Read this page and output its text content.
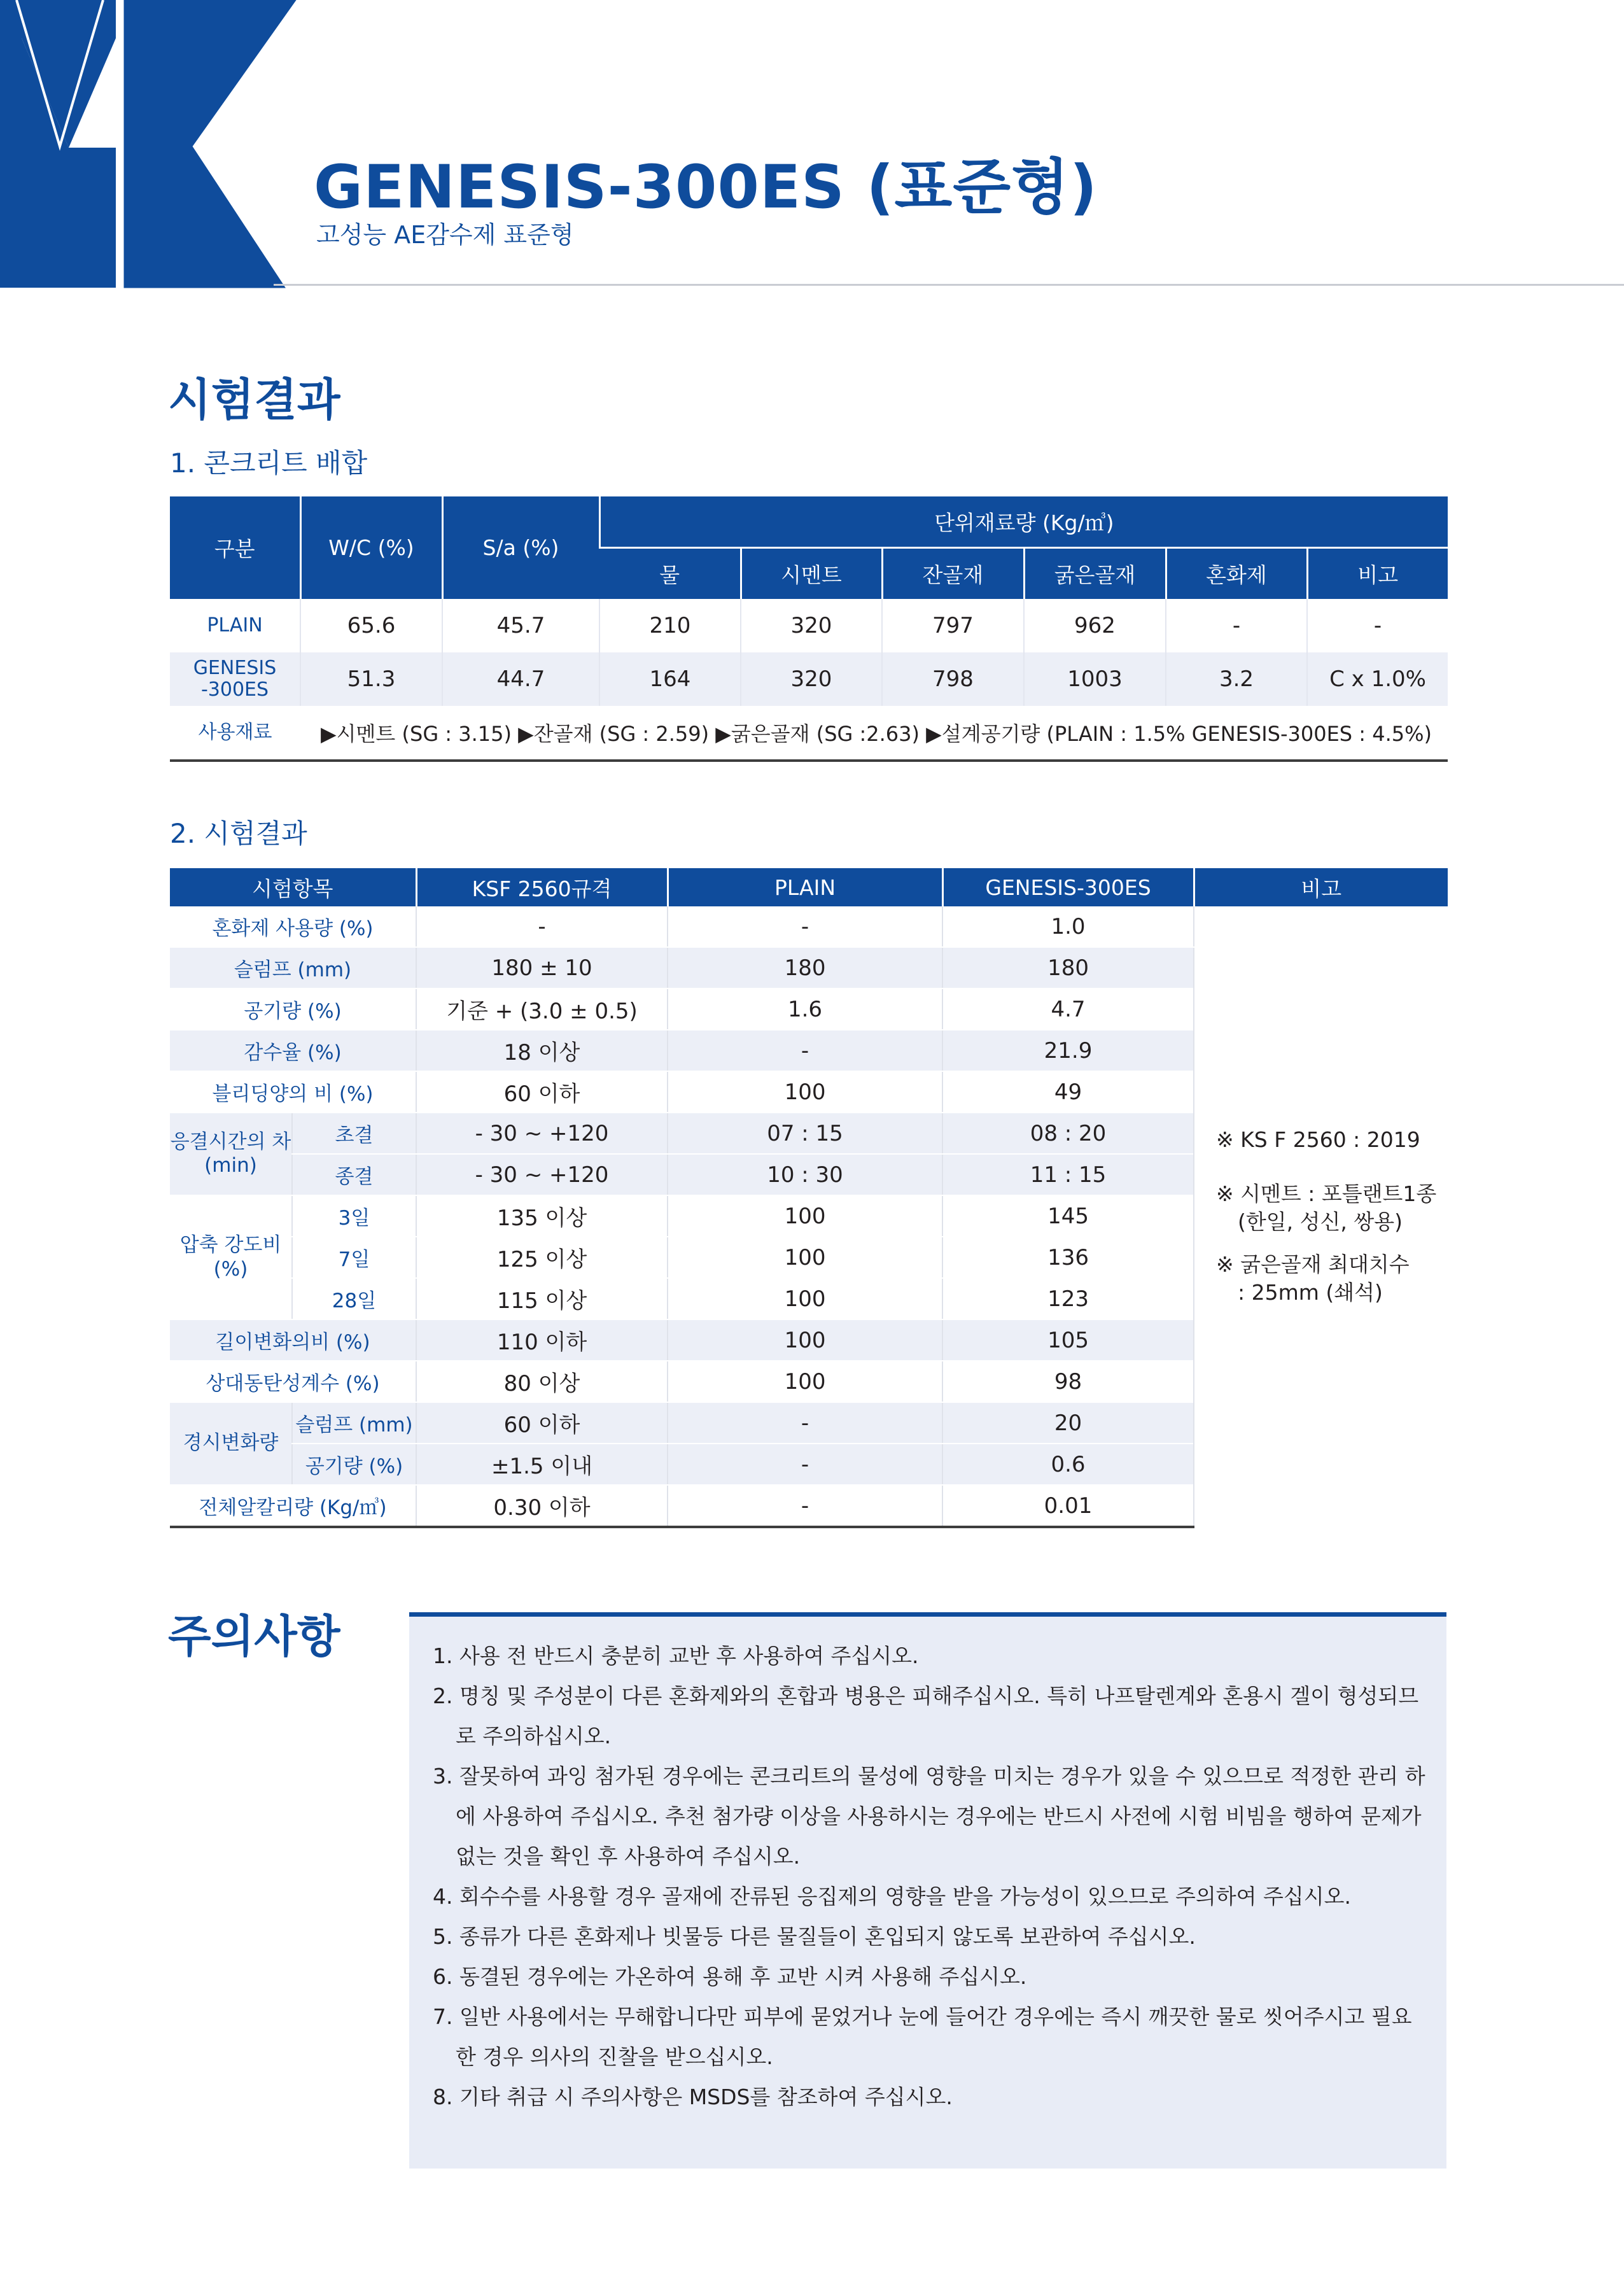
GENESIS-300ES (표준형)
고성능 AE감수제 표준형
시험결과
1. 콘크리트 배합
구분	W/C (%)	S/a (%)	단위재료량 (Kg/㎥)					
			물	시멘트	잔골재	굵은골재	혼화제	비고
PLAIN	65.6	45.7	210	320	797	962	-	-
GENESIS -300ES	51.3	44.7	164	320	798	1003	3.2	C x 1.0%
사용재료	▶시멘트 (SG : 3.15) ▶잔골재 (SG : 2.59) ▶굵은골재 (SG :2.63) ▶설계공기량 (PLAIN : 1.5% GENESIS-300ES : 4.5%)							
2. 시험결과
시험항목		KSF 2560규격	PLAIN	GENESIS-300ES	비고
혼화제 사용량 (%)		-	-	1.0	※ KS F 2560 : 2019
※ 시멘트 : 포틀랜트1종
(한일, 성신, 쌍용)
※ 굵은골재 최대치수
: 25mm (쇄석)

슬럼프 (mm)		180 ± 10	180	180	
공기량 (%)		기준 + (3.0 ± 0.5)	1.6	4.7	
감수율 (%)		18 이상	-	21.9	
블리딩양의 비 (%)		60 이하	100	49	
응결시간의 차 (min)	초결	- 30 ~ +120	07 : 15	08 : 20	
	종결	- 30 ~ +120	10 : 30	11 : 15	
압축 강도비 (%)	3일	135 이상	100	145	
	7일	125 이상	100	136	
	28일	115 이상	100	123	
길이변화의비 (%)		110 이하	100	105	
상대동탄성계수 (%)		80 이상	100	98	
경시변화량	슬럼프 (mm)	60 이하	-	20	
	공기량 (%)	±1.5 이내	-	0.6	
전체알칼리량 (Kg/㎥)		0.30 이하	-	0.01	
주의사항	1. 사용 전 반드시 충분히 교반 후 사용하여 주십시오.
2. 명칭 및 주성분이 다른 혼화제와의 혼합과 병용은 피해주십시오. 특히 나프탈렌계와 혼용시 겔이 형성되므로 주의하십시오.
3. 잘못하여 과잉 첨가된 경우에는 콘크리트의 물성에 영향을 미치는 경우가 있을 수 있으므로 적정한 관리 하에 사용하여 주십시오. 추천 첨가량 이상을 사용하시는 경우에는 반드시 사전에 시험 비빔을 행하여 문제가 없는 것을 확인 후 사용하여 주십시오.
4. 회수수를 사용할 경우 골재에 잔류된 응집제의 영향을 받을 가능성이 있으므로 주의하여 주십시오.
5. 종류가 다른 혼화제나 빗물등 다른 물질들이 혼입되지 않도록 보관하여 주십시오.
6. 동결된 경우에는 가온하여 용해 후 교반 시켜 사용해 주십시오.
7. 일반 사용에서는 무해합니다만 피부에 묻었거나 눈에 들어간 경우에는 즉시 깨끗한 물로 씻어주시고 필요한 경우 의사의 진찰을 받으십시오.
8. 기타 취급 시 주의사항은 MSDS를 참조하여 주십시오.
